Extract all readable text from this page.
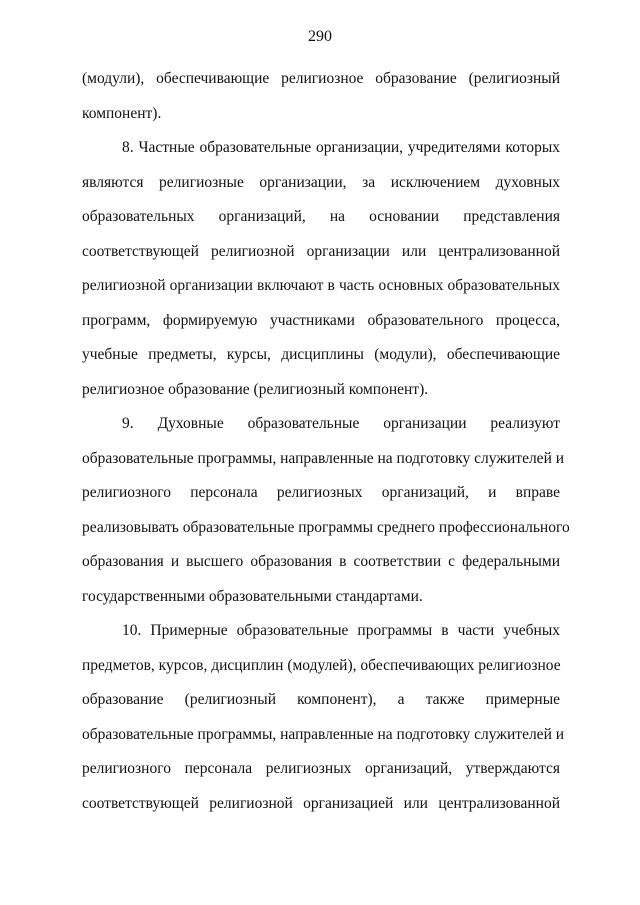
290
(модули), обеспечивающие религиозное образование (религиозный
компонент).
8. Частные образовательные организации, учредителями которых
являются религиозные организации, за исключением духовных
образовательных организаций, на основании представления
соответствующей религиозной организации или централизованной
религиозной организации включают в часть основных образовательных
программ, формируемую участниками образовательного процесса,
учебные предметы, курсы, дисциплины (модули), обеспечивающие
религиозное образование (религиозный компонент).
9. Духовные образовательные организации реализуют
образовательные программы, направленные на подготовку служителей и
религиозного персонала религиозных организаций, и вправе
реализовывать образовательные программы среднего профессионального
образования и высшего образования в соответствии с федеральными
государственными образовательными стандартами.
10. Примерные образовательные программы в части учебных
предметов, курсов, дисциплин (модулей), обеспечивающих религиозное
образование (религиозный компонент), а также примерные
образовательные программы, направленные на подготовку служителей и
религиозного персонала религиозных организаций, утверждаются
соответствующей религиозной организацией или централизованной
